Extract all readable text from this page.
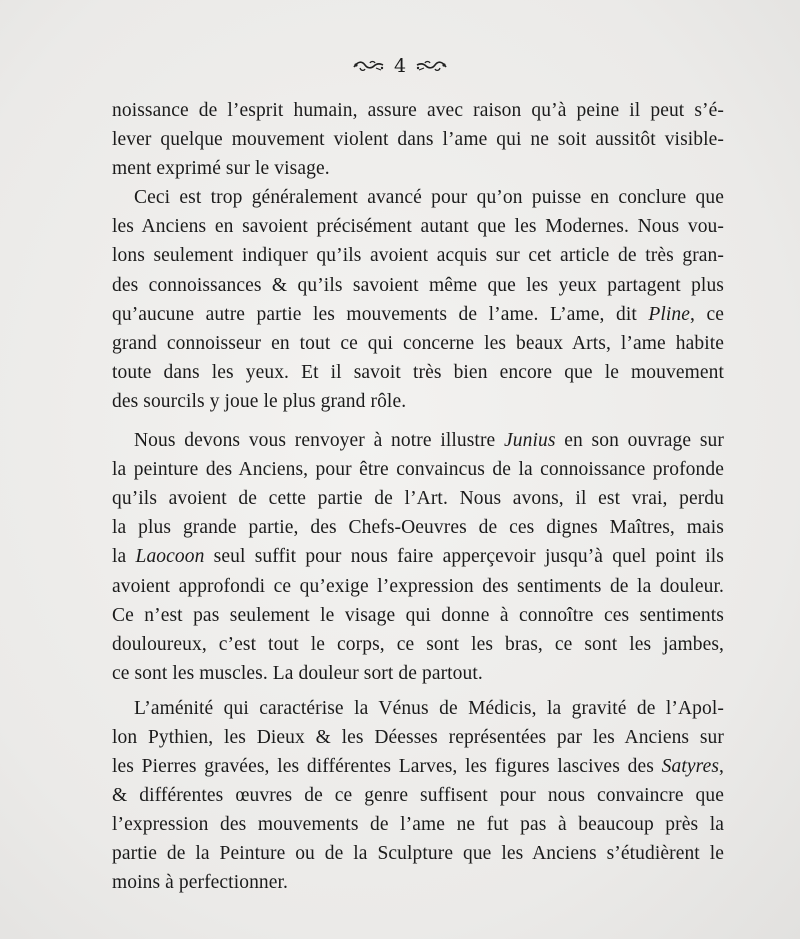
4
noissance de l’esprit humain, assure avec raison qu’à peine il peut s’é-
lever quelque mouvement violent dans l’ame qui ne soit aussitôt visible-
ment exprimé sur le visage.
Ceci est trop généralement avancé pour qu’on puisse en conclure que
les Anciens en savoient précisément autant que les Modernes. Nous vou-
lons seulement indiquer qu’ils avoient acquis sur cet article de très gran-
des connoissances & qu’ils savoient même que les yeux partagent plus
qu’aucune autre partie les mouvements de l’ame. L’ame, dit Pline, ce
grand connoisseur en tout ce qui concerne les beaux Arts, l’ame habite
toute dans les yeux. Et il savoit très bien encore que le mouvement
des sourcils y joue le plus grand rôle.
Nous devons vous renvoyer à notre illustre Junius en son ouvrage sur
la peinture des Anciens, pour être convaincus de la connoissance profonde
qu’ils avoient de cette partie de l’Art. Nous avons, il est vrai, perdu
la plus grande partie, des Chefs-Oeuvres de ces dignes Maîtres, mais
la Laocoon seul suffit pour nous faire apperçevoir jusqu’à quel point ils
avoient approfondi ce qu’exige l’expression des sentiments de la douleur.
Ce n’est pas seulement le visage qui donne à connoître ces sentiments
douloureux, c’est tout le corps, ce sont les bras, ce sont les jambes,
ce sont les muscles. La douleur sort de partout.
L’aménité qui caractérise la Vénus de Médicis, la gravité de l’Apol-
lon Pythien, les Dieux & les Déesses représentées par les Anciens sur
les Pierres gravées, les différentes Larves, les figures lascives des Satyres,
& différentes œuvres de ce genre suffisent pour nous convaincre que
l’expression des mouvements de l’ame ne fut pas à beaucoup près la
partie de la Peinture ou de la Sculpture que les Anciens s’étudièrent le
moins à perfectionner.
